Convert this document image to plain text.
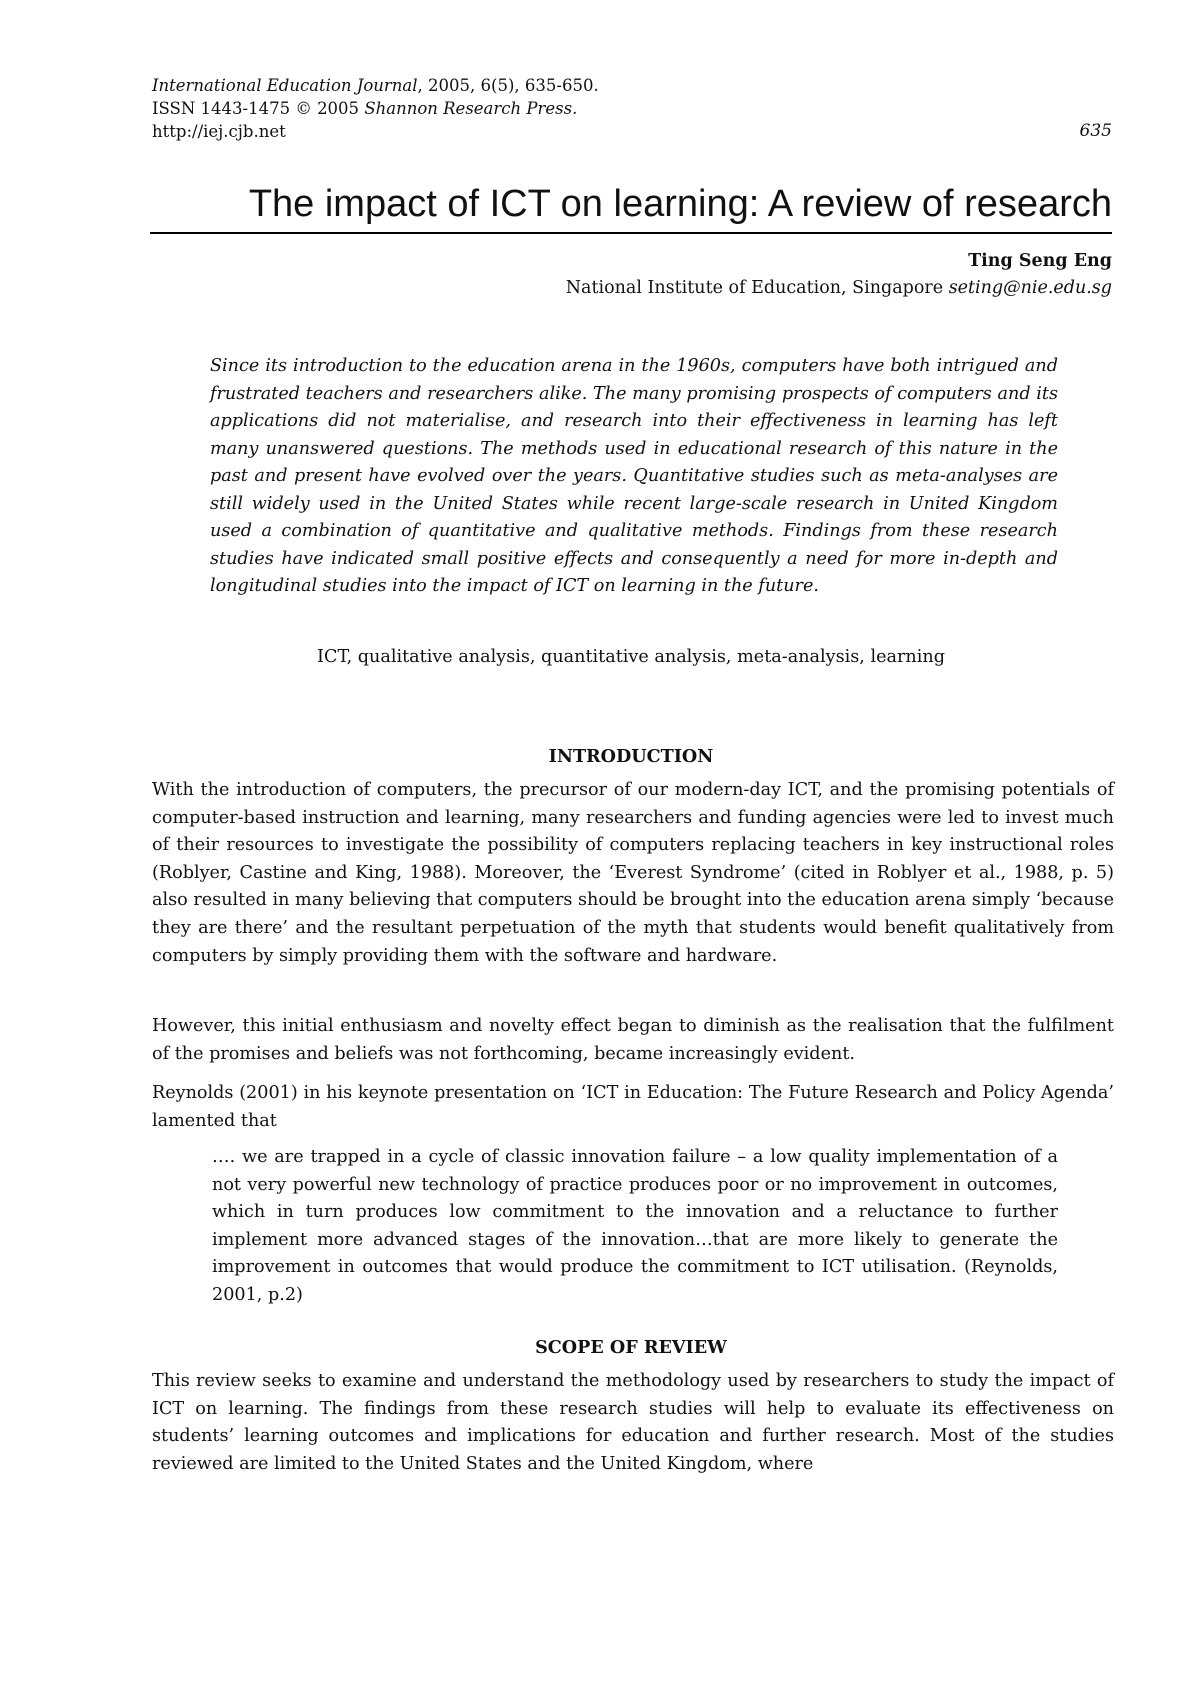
International Education Journal, 2005, 6(5), 635-650.
ISSN 1443-1475 © 2005 Shannon Research Press.
http://iej.cjb.net	635
The impact of ICT on learning: A review of research
Ting Seng Eng
National Institute of Education, Singapore seting@nie.edu.sg

Since its introduction to the education arena in the 1960s, computers have both intrigued and frustrated teachers and researchers alike. The many promising prospects of computers and its applications did not materialise, and research into their effectiveness in learning has left many unanswered questions. The methods used in educational research of this nature in the past and present have evolved over the years. Quantitative studies such as meta-analyses are still widely used in the United States while recent large-scale research in United Kingdom used a combination of quantitative and qualitative methods. Findings from these research studies have indicated small positive effects and consequently a need for more in-depth and longitudinal studies into the impact of ICT on learning in the future.

ICT, qualitative analysis, quantitative analysis, meta-analysis, learning
INTRODUCTION

With the introduction of computers, the precursor of our modern-day ICT, and the promising potentials of computer-based instruction and learning, many researchers and funding agencies were led to invest much of their resources to investigate the possibility of computers replacing teachers in key instructional roles (Roblyer, Castine and King, 1988). Moreover, the ‘Everest Syndrome’ (cited in Roblyer et al., 1988, p. 5) also resulted in many believing that computers should be brought into the education arena simply ‘because they are there’ and the resultant perpetuation of the myth that students would benefit qualitatively from computers by simply providing them with the software and hardware.

However, this initial enthusiasm and novelty effect began to diminish as the realisation that the fulfilment of the promises and beliefs was not forthcoming, became increasingly evident.

Reynolds (2001) in his keynote presentation on ‘ICT in Education: The Future Research and Policy Agenda’ lamented that

…. we are trapped in a cycle of classic innovation failure – a low quality implementation of a not very powerful new technology of practice produces poor or no improvement in outcomes, which in turn produces low commitment to the innovation and a reluctance to further implement more advanced stages of the innovation…that are more likely to generate the improvement in outcomes that would produce the commitment to ICT utilisation. (Reynolds, 2001, p.2)

SCOPE OF REVIEW

This review seeks to examine and understand the methodology used by researchers to study the impact of ICT on learning. The findings from these research studies will help to evaluate its effectiveness on students’ learning outcomes and implications for education and further research. Most of the studies reviewed are limited to the United States and the United Kingdom, where
